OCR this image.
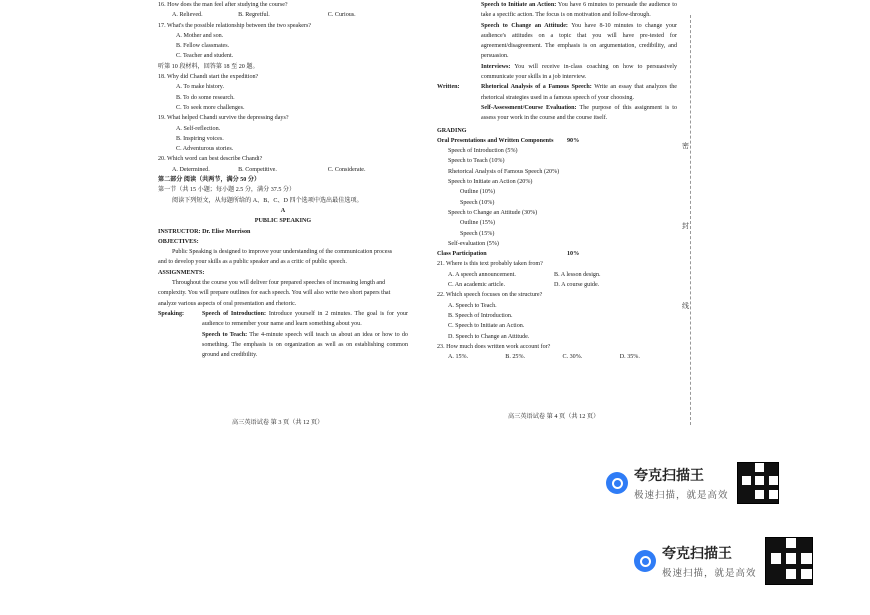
16. How does the man feel after studying the course?
A. Relieved.	B. Regretful.	C. Curious.
17. What's the possible relationship between the two speakers?
A. Mother and son.
B. Fellow classmates.
C. Teacher and student.
听第 10 段材料，回答第 18 至 20 题。
18. Why did Chandi start the expedition?
A. To make history.
B. To do some research.
C. To seek more challenges.
19. What helped Chandi survive the depressing days?
A. Self-reflection.
B. Inspiring voices.
C. Adventurous stories.
20. Which word can best describe Chandi?
A. Determined.	B. Competitive.	C. Considerate.
第二部分 阅读（共两节，满分 50 分）
第一节（共 15 小题；每小题 2.5 分，满分 37.5 分）
阅读下列短文，从每题所给的 A、B、C、D 四个选项中选出最佳选项。
A
PUBLIC SPEAKING
INSTRUCTOR: Dr. Elise Morrison
OBJECTIVES:
Public Speaking is designed to improve your understanding of the communication process
and to develop your skills as a public speaker and as a critic of public speech.
ASSIGNMENTS:
Throughout the course you will deliver four prepared speeches of increasing length and
complexity. You will prepare outlines for each speech. You will also write two short papers that
analyze various aspects of oral presentation and rhetoric.
Speaking:	Speech of Introduction: Introduce yourself in 2 minutes. The goal is for your audience to remember your name and learn something about you.
Speech to Teach: The 4-minute speech will teach us about an idea or how to do something. The emphasis is on organization as well as on establishing common ground and credibility.
高三英语试卷 第 3 页（共 12 页）
Speech to Initiate an Action: You have 6 minutes to persuade the audience to take a specific action. The focus is on motivation and follow-through.
Speech to Change an Attitude: You have 8-10 minutes to change your audience's attitudes on a topic that you will have pre-tested for agreement/disagreement. The emphasis is on argumentation, credibility, and persuasion.
Interviews: You will receive in-class coaching on how to persuasively communicate your skills in a job interview.
Written:	Rhetorical Analysis of a Famous Speech: Write an essay that analyzes the rhetorical strategies used in a famous speech of your choosing.
Self-Assessment/Course Evaluation: The purpose of this assignment is to assess your work in the course and the course itself.
GRADING
Oral Presentations and Written Components 90%
Speech of Introduction (5%)
Speech to Teach (10%)
Rhetorical Analysis of Famous Speech (20%)
Speech to Initiate an Action (20%)
Outline (10%)
Speech (10%)
Speech to Change an Attitude (30%)
Outline (15%)
Speech (15%)
Self-evaluation (5%)
Class Participation	10%
21. Where is this text probably taken from?
A. A speech announcement.	B. A lesson design.
C. An academic article.	D. A course guide.
22. Which speech focuses on the structure?
A. Speech to Teach.
B. Speech of Introduction.
C. Speech to Initiate an Action.
D. Speech to Change an Attitude.
23. How much does written work account for?
A. 15%.	B. 25%.	C. 30%.	D. 35%.
高三英语试卷 第 4 页（共 12 页）
密
封
线
夸克扫描王
极速扫描，就是高效
夸克扫描王
极速扫描，就是高效
